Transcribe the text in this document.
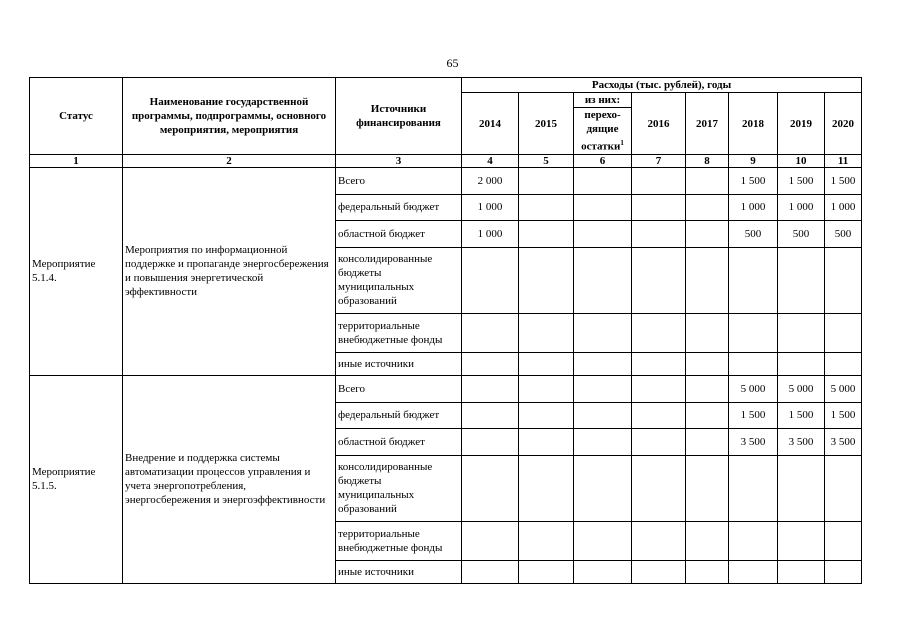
65
Статус	Наименование государственной программы, подпрограммы, основного мероприятия, мероприятия	Источники финансирования	Расходы (тыс. рублей), годы							
			2014	2015	из них:	2016	2017	2018	2019	2020
					перехо-дящие остатки$^1$
1	2	3	4	5	6	7	8	9	10	11
Мероприятие 5.1.4.	Мероприятия по информационной поддержке и пропаганде энергосбережения и повышения энергетической эффективности	Всего	2 000					1 500	1 500	1 500
		федеральный бюджет	1 000					1 000	1 000	1 000
		областной бюджет	1 000					500	500	500
		консолидированные бюджеты муниципальных образований								
		территориальные внебюджетные фонды								
		иные источники								
Мероприятие 5.1.5.	Внедрение и поддержка системы автоматизации процессов управления и учета энергопотребления, энергосбережения и энергоэффективности	Всего						5 000	5 000	5 000
		федеральный бюджет						1 500	1 500	1 500
		областной бюджет						3 500	3 500	3 500
		консолидированные бюджеты муниципальных образований								
		территориальные внебюджетные фонды								
		иные источники								
